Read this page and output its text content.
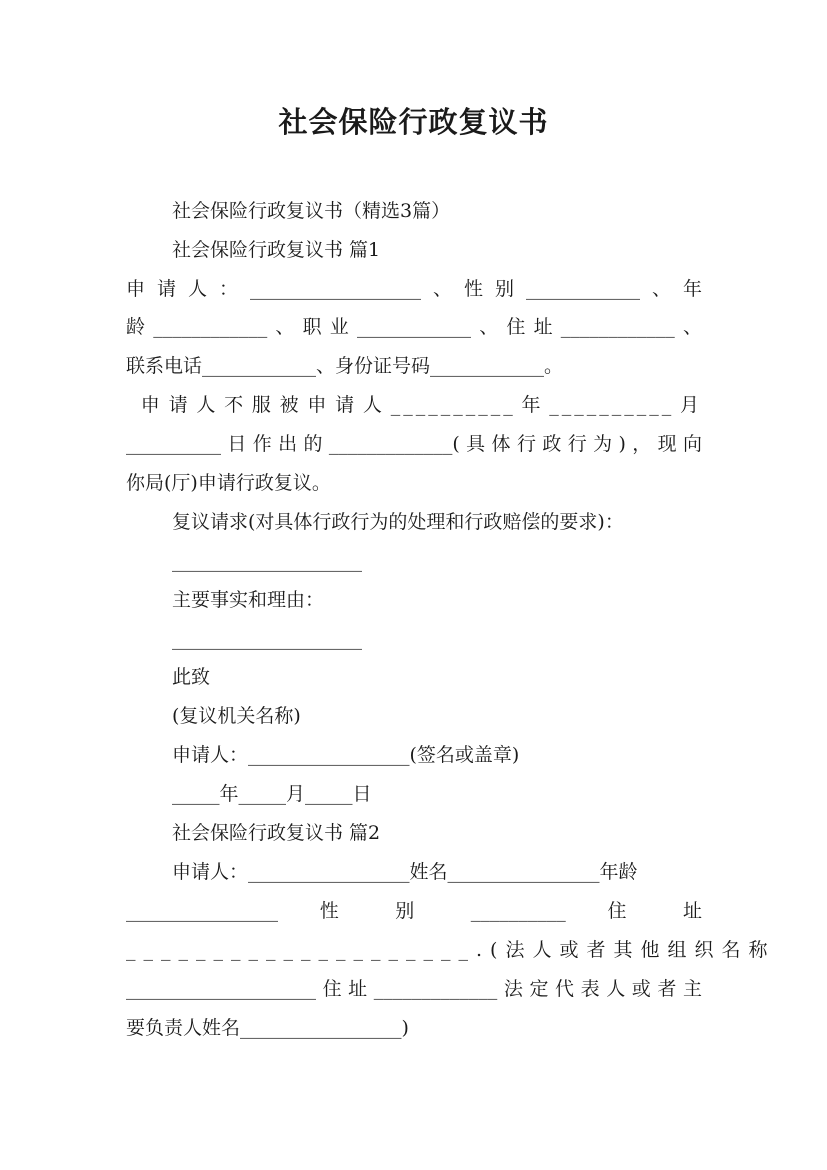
社会保险行政复议书
社会保险行政复议书（精选3篇）
社会保险行政复议书 篇1
申请人：__________________、性别____________、年
龄____________、职业____________、住址____________、
联系电话____________、身份证号码____________。
申请人不服被申请人__________年__________月
__________日作出的_____________(具体行政行为)，现向
你局(厅)申请行政复议。
复议请求(对具体行政行为的处理和行政赔偿的要求)：
____________________
主要事实和理由：
____________________
此致
(复议机关名称)
申请人：_________________(签名或盖章)
_____年_____月_____日
社会保险行政复议书 篇2
申请人：_________________姓名________________年龄
________________  性  别  __________  住  址
____________________.(法人或者其他组织名称
____________________住址_____________法定代表人或者主
要负责人姓名_________________)
